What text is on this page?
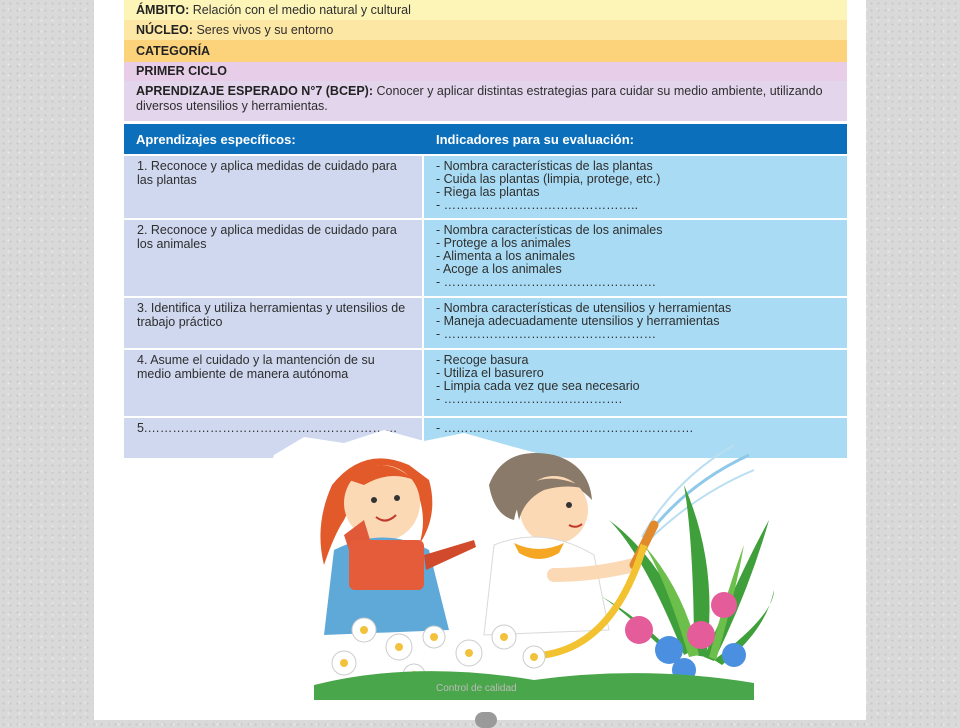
ÁMBITO: Relación con el medio natural y cultural
NÚCLEO: Seres vivos y su entorno
CATEGORÍA
PRIMER CICLO
APRENDIZAJE ESPERADO N°7 (BCEP): Conocer y aplicar distintas estrategias para cuidar su medio ambiente, utilizando diversos utensilios y herramientas.
Aprendizajes específicos:	Indicadores para su evaluación:
1. Reconoce y aplica medidas de cuidado para las plantas
- Nombra características de las plantas
- Cuida las plantas (limpia, protege, etc.)
- Riega las plantas
- ………………………………………..
2. Reconoce y aplica medidas de cuidado para los animales
- Nombra características de los animales
- Protege a los animales
- Alimenta a los animales
- Acoge a los animales
- ……………………………………………
3. Identifica y utiliza herramientas y utensilios de trabajo práctico
- Nombra características de utensilios y herramientas
- Maneja adecuadamente utensilios y herramientas
- ……………………………………………
4. Asume el cuidado y la mantención de su medio ambiente de manera autónoma
- Recoge basura
- Utiliza el basurero
- Limpia cada vez que sea necesario
- …………………………………….
5.……………………………………………………	- ……………………………………………………
Control de calidad
